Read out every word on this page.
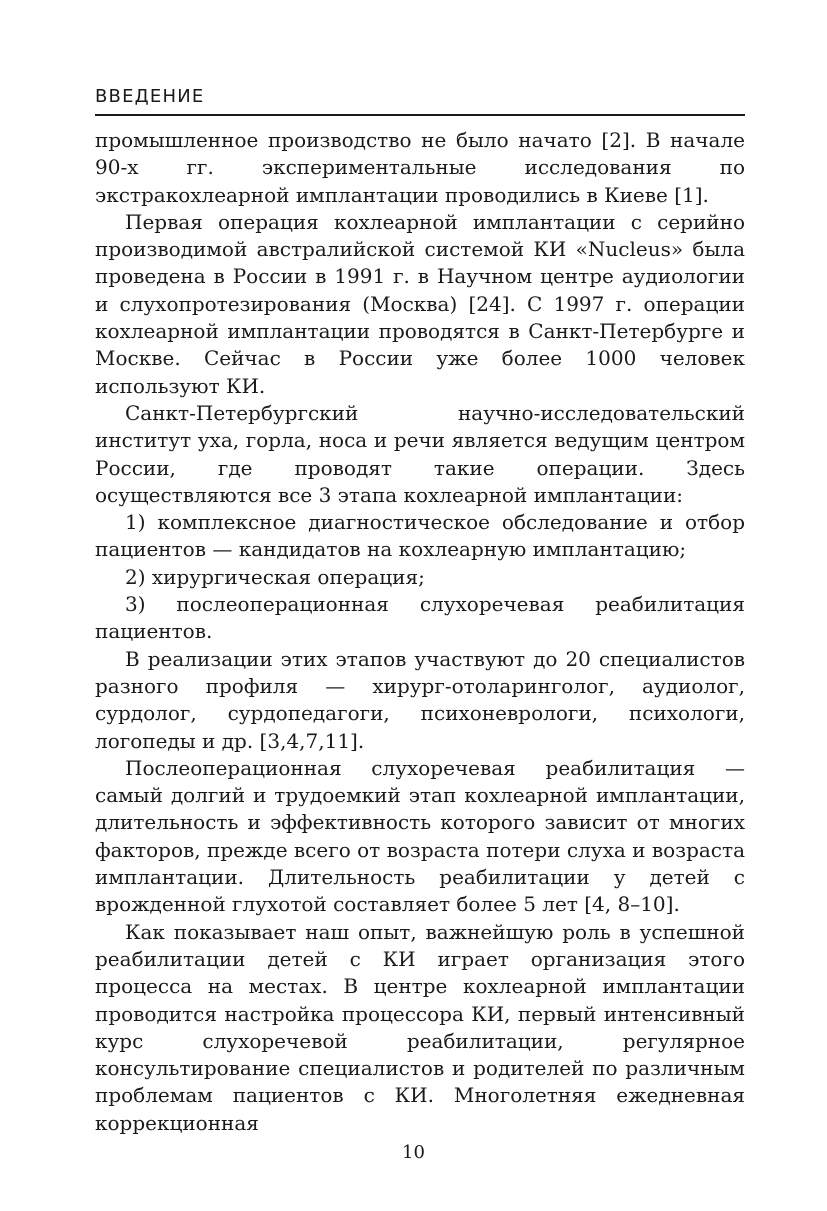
ВВЕДЕНИЕ

промышленное производство не было начато [2]. В начале 90-х гг. экспериментальные исследования по экстракохлеарной имплантации проводились в Киеве [1].

Первая операция кохлеарной имплантации с серийно производимой австралийской системой КИ «Nucleus» была проведена в России в 1991 г. в Научном центре аудиологии и слухопротезирования (Москва) [24]. С 1997 г. операции кохлеарной имплантации проводятся в Санкт-Петербурге и Москве. Сейчас в России уже более 1000 человек используют КИ.

Санкт-Петербургский научно-исследовательский институт уха, горла, носа и речи является ведущим центром России, где проводят такие операции. Здесь осуществляются все 3 этапа кохлеарной имплантации:

1) комплексное диагностическое обследование и отбор пациентов — кандидатов на кохлеарную имплантацию;

2) хирургическая операция;

3) послеоперационная слухоречевая реабилитация пациентов.

В реализации этих этапов участвуют до 20 специалистов разного профиля — хирург-отоларинголог, аудиолог, сурдолог, сурдопедагоги, психоневрологи, психологи, логопеды и др. [3,4,7,11].

Послеоперационная слухоречевая реабилитация — самый долгий и трудоемкий этап кохлеарной имплантации, длительность и эффективность которого зависит от многих факторов, прежде всего от возраста потери слуха и возраста имплантации. Длительность реабилитации у детей с врожденной глухотой составляет более 5 лет [4, 8–10].

Как показывает наш опыт, важнейшую роль в успешной реабилитации детей с КИ играет организация этого процесса на местах. В центре кохлеарной имплантации проводится настройка процессора КИ, первый интенсивный курс слухоречевой реабилитации, регулярное консультирование специалистов и родителей по различным проблемам пациентов с КИ. Многолетняя ежедневная коррекционная

10
